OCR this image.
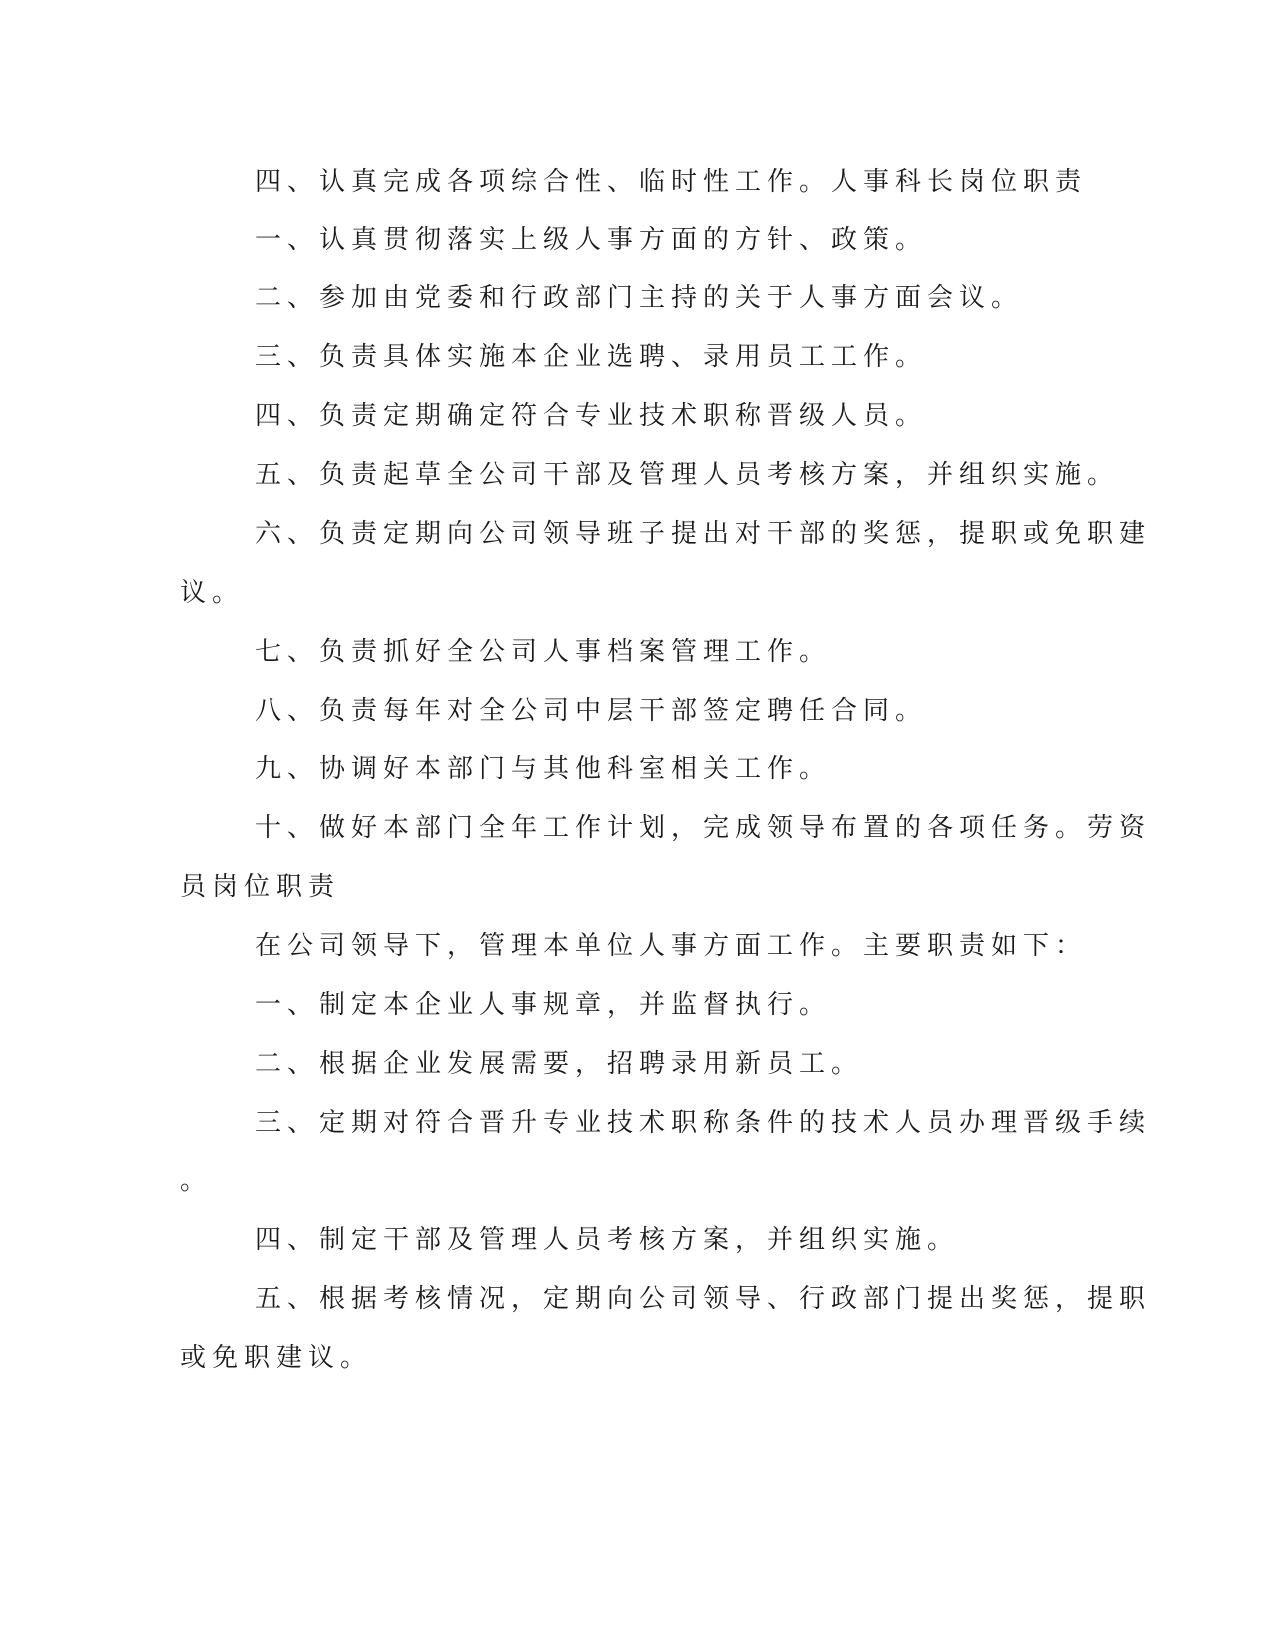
四、认真完成各项综合性、临时性工作。人事科长岗位职责
一、认真贯彻落实上级人事方面的方针、政策。
二、参加由党委和行政部门主持的关于人事方面会议。
三、负责具体实施本企业选聘、录用员工工作。
四、负责定期确定符合专业技术职称晋级人员。
五、负责起草全公司干部及管理人员考核方案，并组织实施。
六、负责定期向公司领导班子提出对干部的奖惩，提职或免职建
议。
七、负责抓好全公司人事档案管理工作。
八、负责每年对全公司中层干部签定聘任合同。
九、协调好本部门与其他科室相关工作。
十、做好本部门全年工作计划，完成领导布置的各项任务。劳资
员岗位职责
在公司领导下，管理本单位人事方面工作。主要职责如下：
一、制定本企业人事规章，并监督执行。
二、根据企业发展需要，招聘录用新员工。
三、定期对符合晋升专业技术职称条件的技术人员办理晋级手续
。
四、制定干部及管理人员考核方案，并组织实施。
五、根据考核情况，定期向公司领导、行政部门提出奖惩，提职
或免职建议。
